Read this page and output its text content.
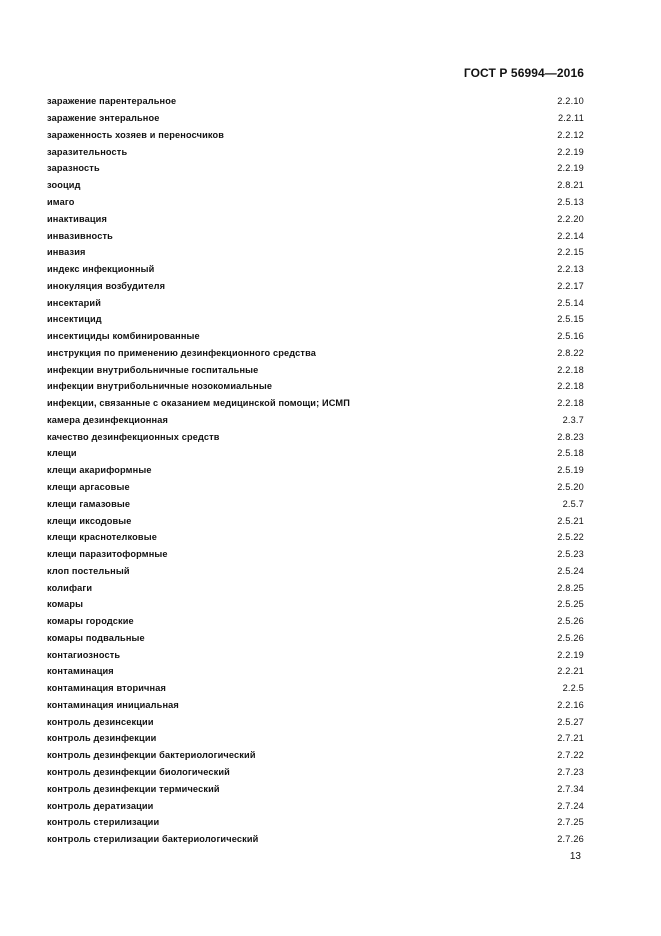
ГОСТ Р 56994—2016
заражение парентеральное	2.2.10
заражение энтеральное	2.2.11
зараженность хозяев и переносчиков	2.2.12
заразительность	2.2.19
заразность	2.2.19
зооцид	2.8.21
имаго	2.5.13
инактивация	2.2.20
инвазивность	2.2.14
инвазия	2.2.15
индекс инфекционный	2.2.13
инокуляция возбудителя	2.2.17
инсектарий	2.5.14
инсектицид	2.5.15
инсектициды комбинированные	2.5.16
инструкция по применению дезинфекционного средства	2.8.22
инфекции внутрибольничные госпитальные	2.2.18
инфекции внутрибольничные нозокомиальные	2.2.18
инфекции, связанные с оказанием медицинской помощи; ИСМП	2.2.18
камера дезинфекционная	2.3.7
качество дезинфекционных средств	2.8.23
клещи	2.5.18
клещи акариформные	2.5.19
клещи аргасовые	2.5.20
клещи гамазовые	2.5.7
клещи иксодовые	2.5.21
клещи краснотелковые	2.5.22
клещи паразитоформные	2.5.23
клоп постельный	2.5.24
колифаги	2.8.25
комары	2.5.25
комары городские	2.5.26
комары подвальные	2.5.26
контагиозность	2.2.19
контаминация	2.2.21
контаминация вторичная	2.2.5
контаминация инициальная	2.2.16
контроль дезинсекции	2.5.27
контроль дезинфекции	2.7.21
контроль дезинфекции бактериологический	2.7.22
контроль дезинфекции биологический	2.7.23
контроль дезинфекции термический	2.7.34
контроль дератизации	2.7.24
контроль стерилизации	2.7.25
контроль стерилизации бактериологический	2.7.26
13
